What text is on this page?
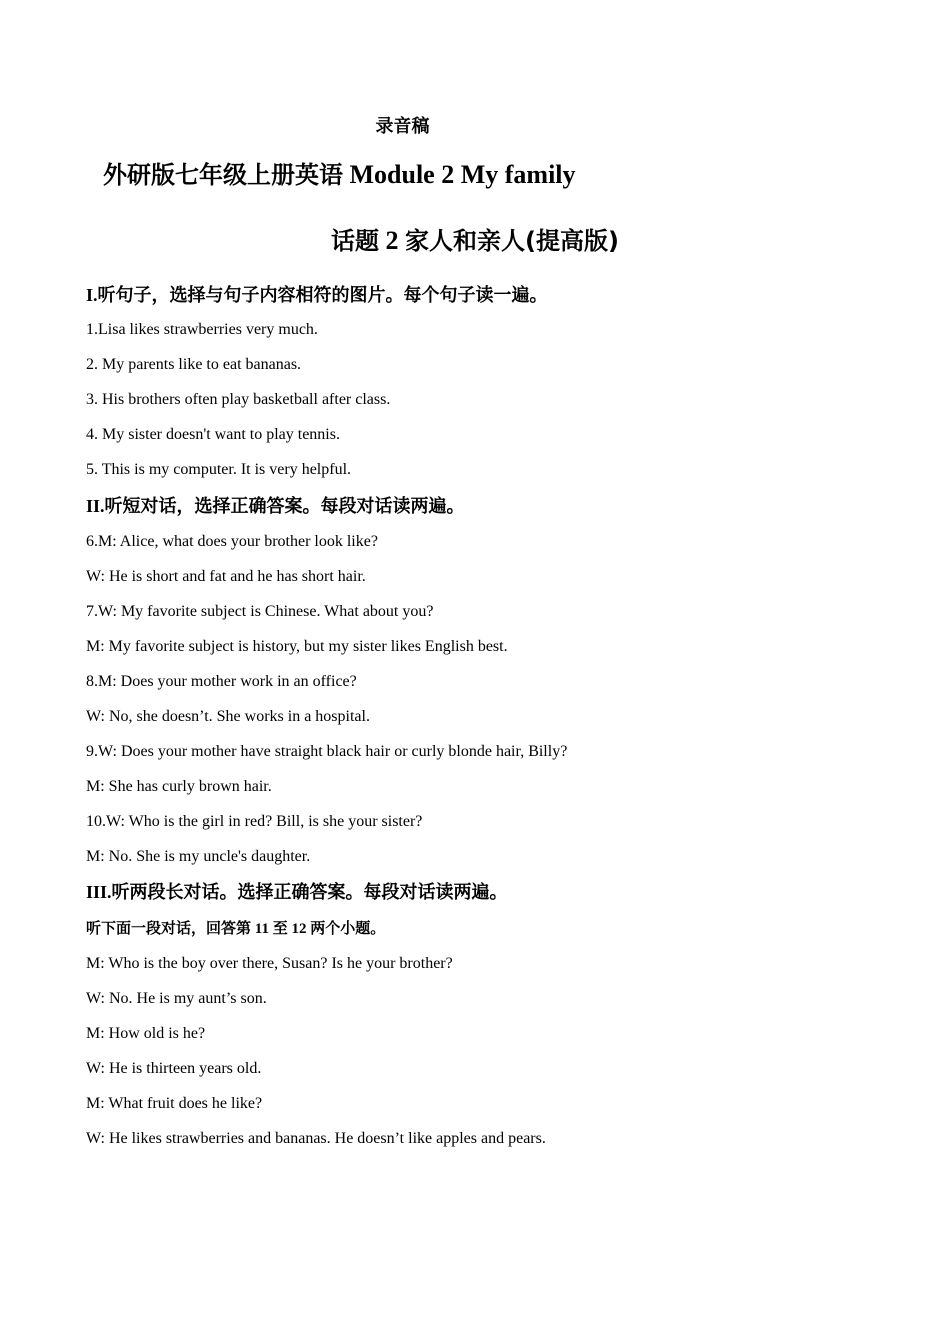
录音稿
外研版七年级上册英语 Module 2 My family
话题 2 家人和亲人(提高版)
I.听句子，选择与句子内容相符的图片。每个句子读一遍。
1.Lisa likes strawberries very much.
2. My parents like to eat bananas.
3. His brothers often play basketball after class.
4. My sister doesn't want to play tennis.
5. This is my computer. It is very helpful.
II.听短对话，选择正确答案。每段对话读两遍。
6.M: Alice, what does your brother look like?
W: He is short and fat and he has short hair.
7.W: My favorite subject is Chinese. What about you?
M: My favorite subject is history, but my sister likes English best.
8.M: Does your mother work in an office?
W: No, she doesn’t. She works in a hospital.
9.W: Does your mother have straight black hair or curly blonde hair, Billy?
M: She has curly brown hair.
10.W: Who is the girl in red? Bill, is she your sister?
M: No. She is my uncle's daughter.
III.听两段长对话。选择正确答案。每段对话读两遍。
听下面一段对话，回答第 11 至 12 两个小题。
M: Who is the boy over there, Susan? Is he your brother?
W: No. He is my aunt’s son.
M: How old is he?
W: He is thirteen years old.
M: What fruit does he like?
W: He likes strawberries and bananas. He doesn’t like apples and pears.
